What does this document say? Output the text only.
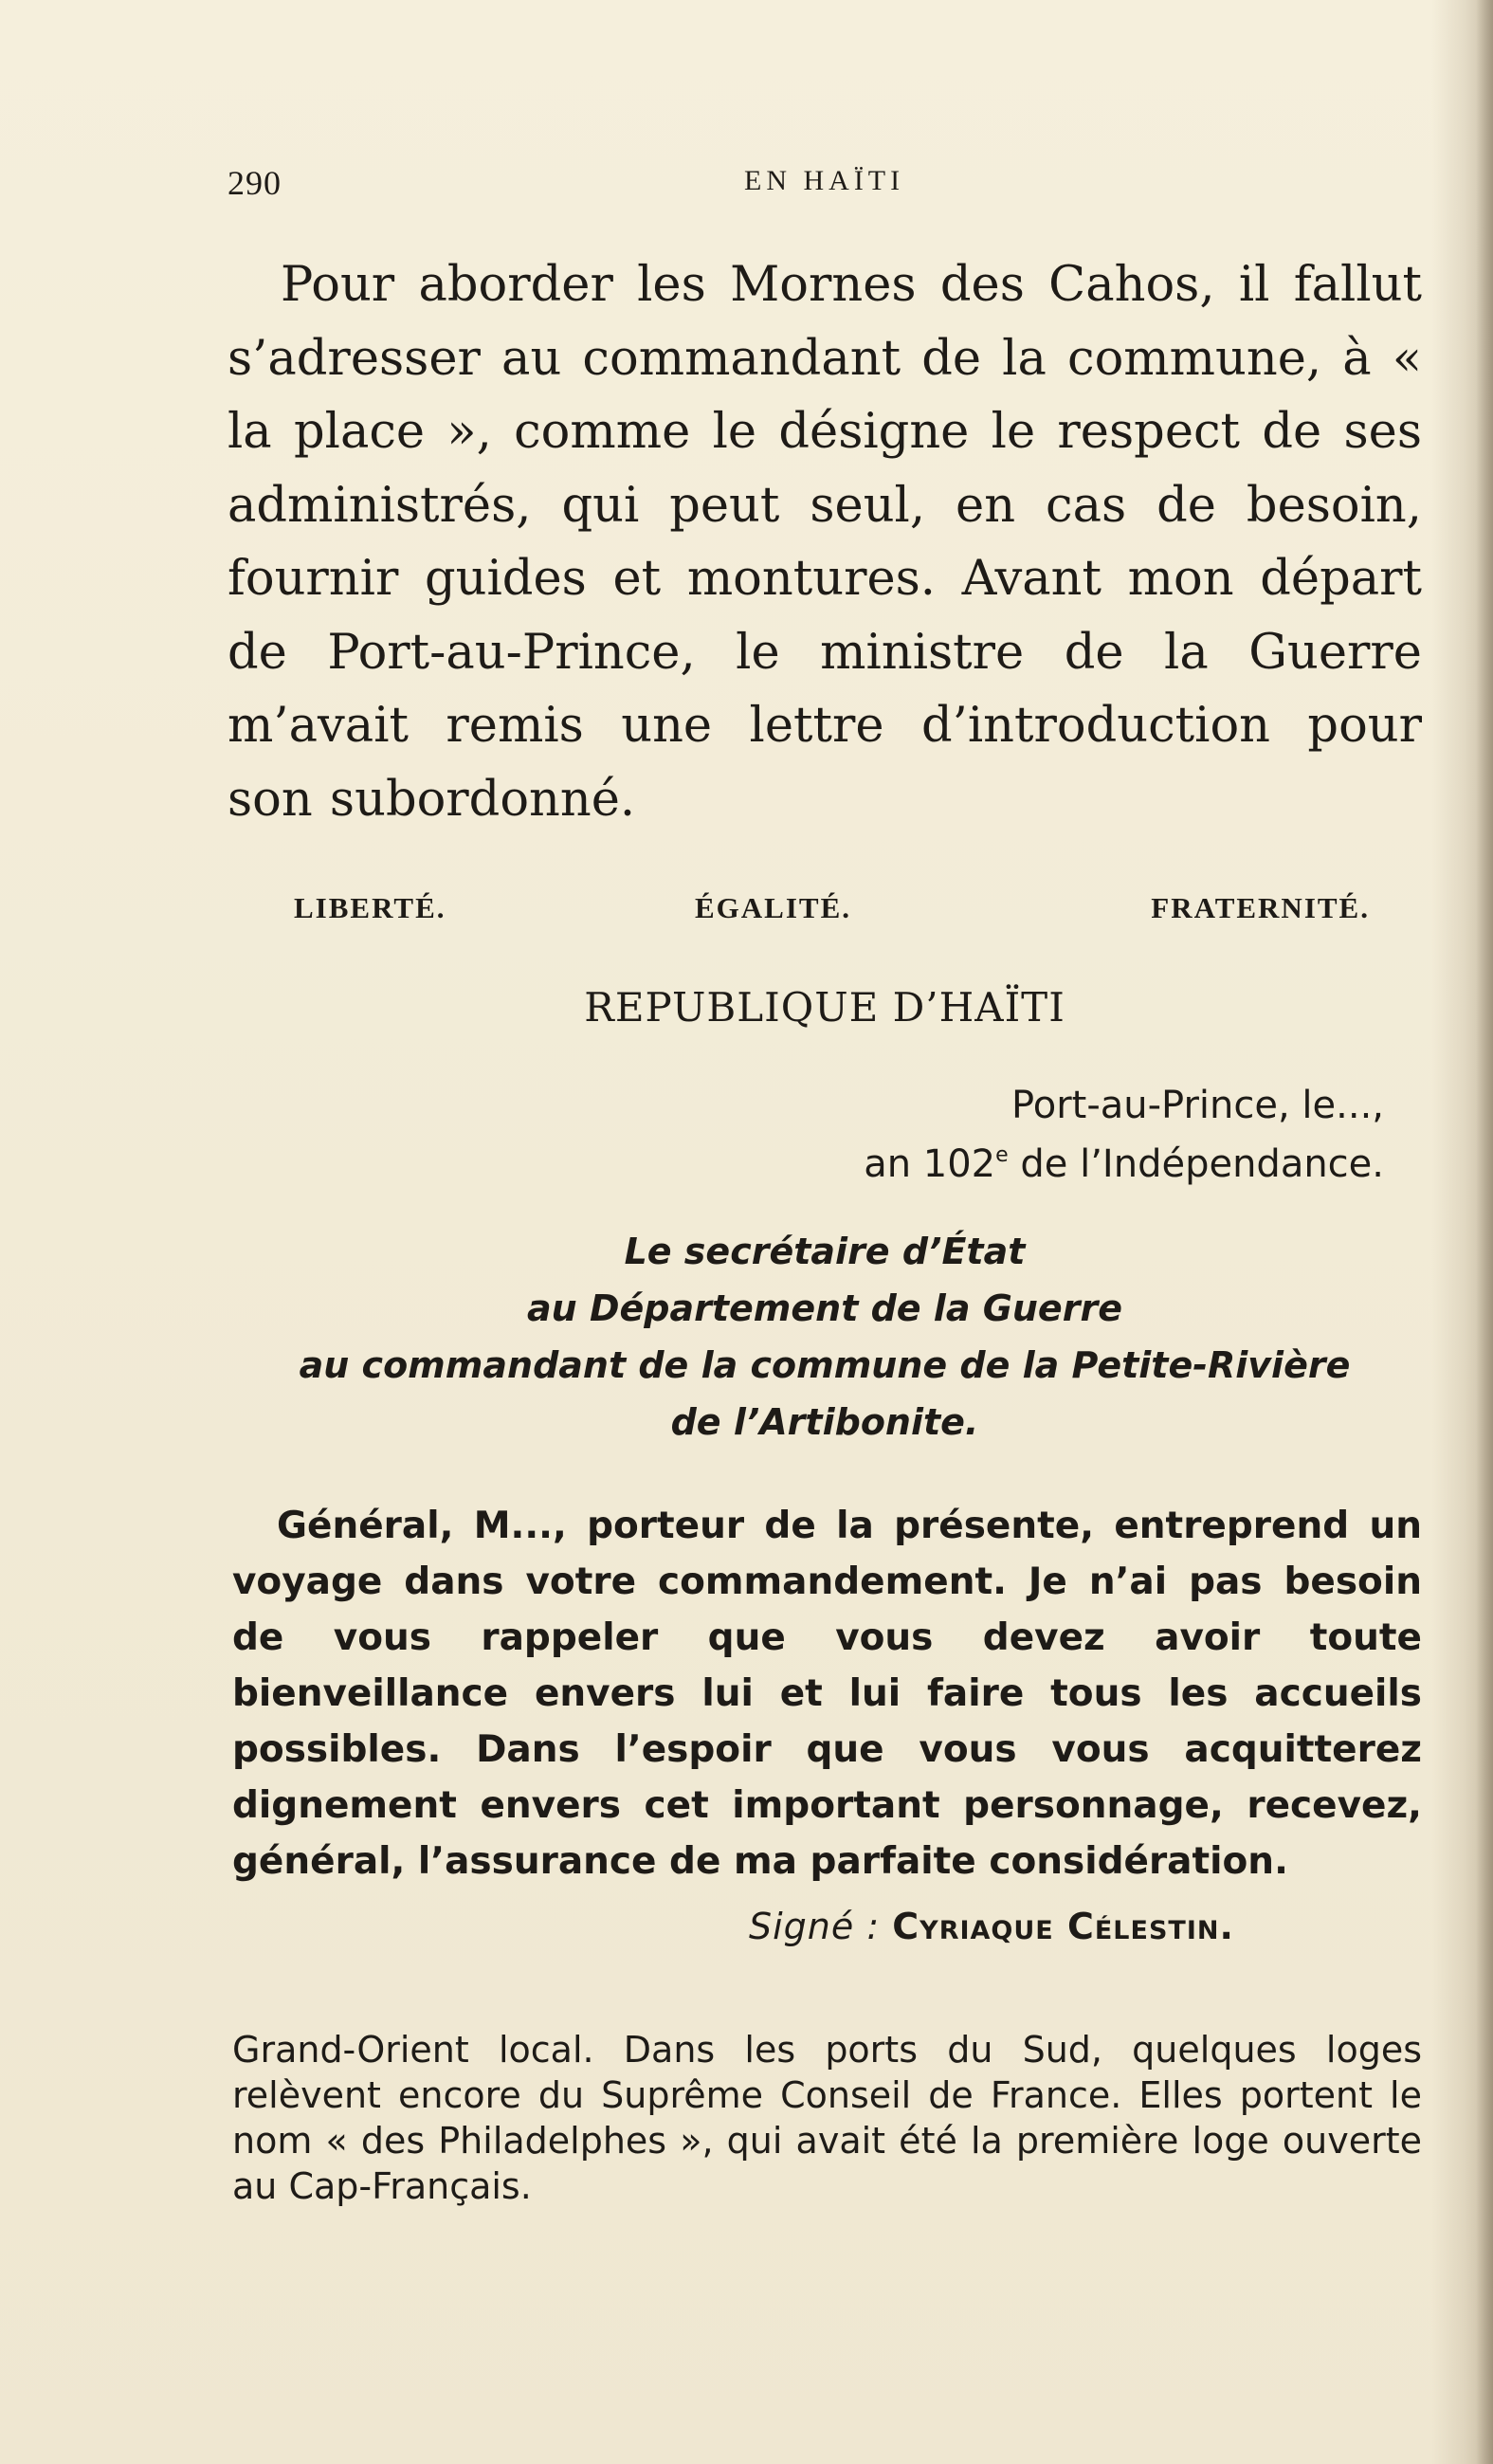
290	EN HAÏTI

Pour aborder les Mornes des Cahos, il fallut s’adresser au commandant de la commune, à « la place », comme le désigne le respect de ses administrés, qui peut seul, en cas de besoin, fournir guides et montures. Avant mon départ de Port-au-Prince, le ministre de la Guerre m’avait remis une lettre d’introduction pour son subordonné.

LIBERTÉ.	ÉGALITÉ.	FRATERNITÉ.
REPUBLIQUE D’HAÏTI
Port-au-Prince, le...,
an 102e de l’Indépendance.
Le secrétaire d’État
au Département de la Guerre
au commandant de la commune de la Petite-Rivière
de l’Artibonite.

Général, M..., porteur de la présente, entreprend un voyage dans votre commandement. Je n’ai pas besoin de vous rappeler que vous devez avoir toute bienveillance envers lui et lui faire tous les accueils possibles. Dans l’espoir que vous vous acquitterez dignement envers cet important personnage, recevez, général, l’assurance de ma parfaite considération.

Signé : Cyriaque Célestin.

Grand-Orient local. Dans les ports du Sud, quelques loges relèvent encore du Suprême Conseil de France. Elles portent le nom « des Philadelphes », qui avait été la première loge ouverte au Cap-Français.
